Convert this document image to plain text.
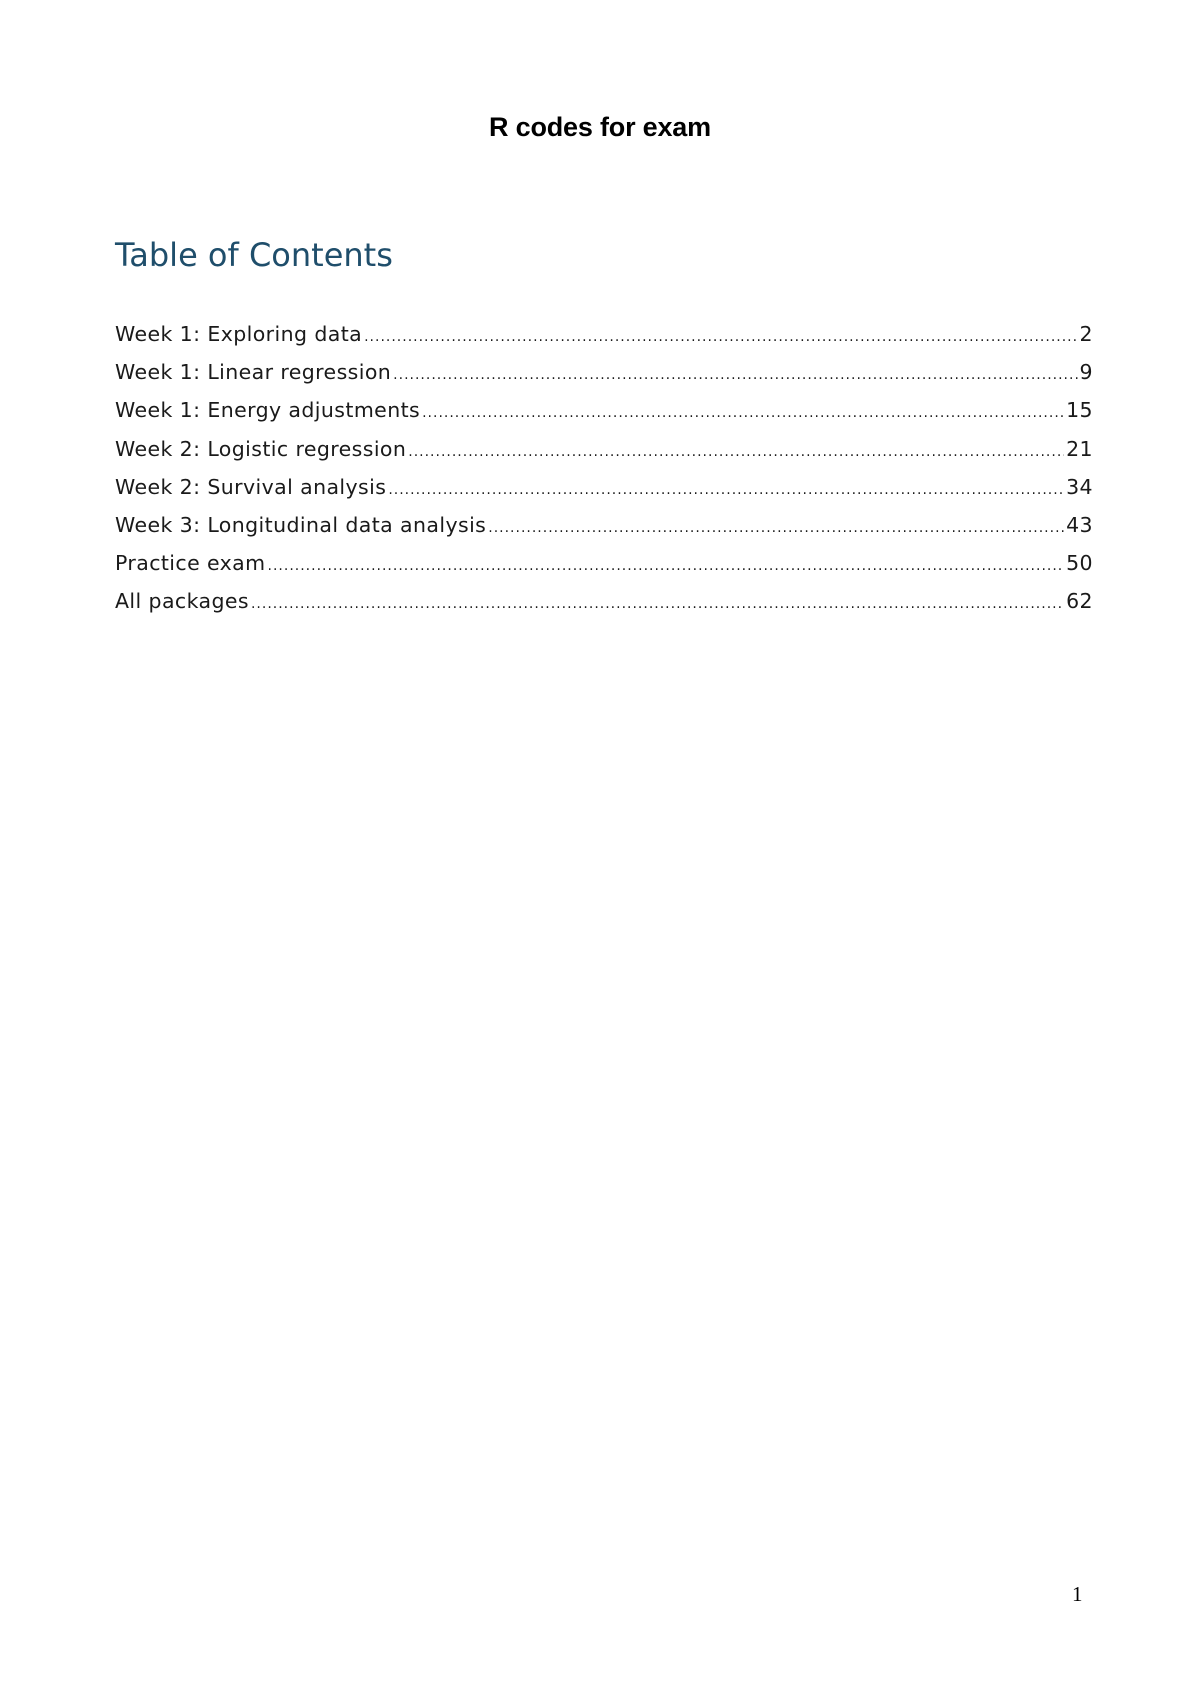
R codes for exam
Table of Contents
Week 1: Exploring data .....	2
Week 1: Linear regression .....	9
Week 1: Energy adjustments .....	15
Week 2: Logistic regression .....	21
Week 2: Survival analysis .....	34
Week 3: Longitudinal data analysis .....	43
Practice exam .....	50
All packages .....	62
1
